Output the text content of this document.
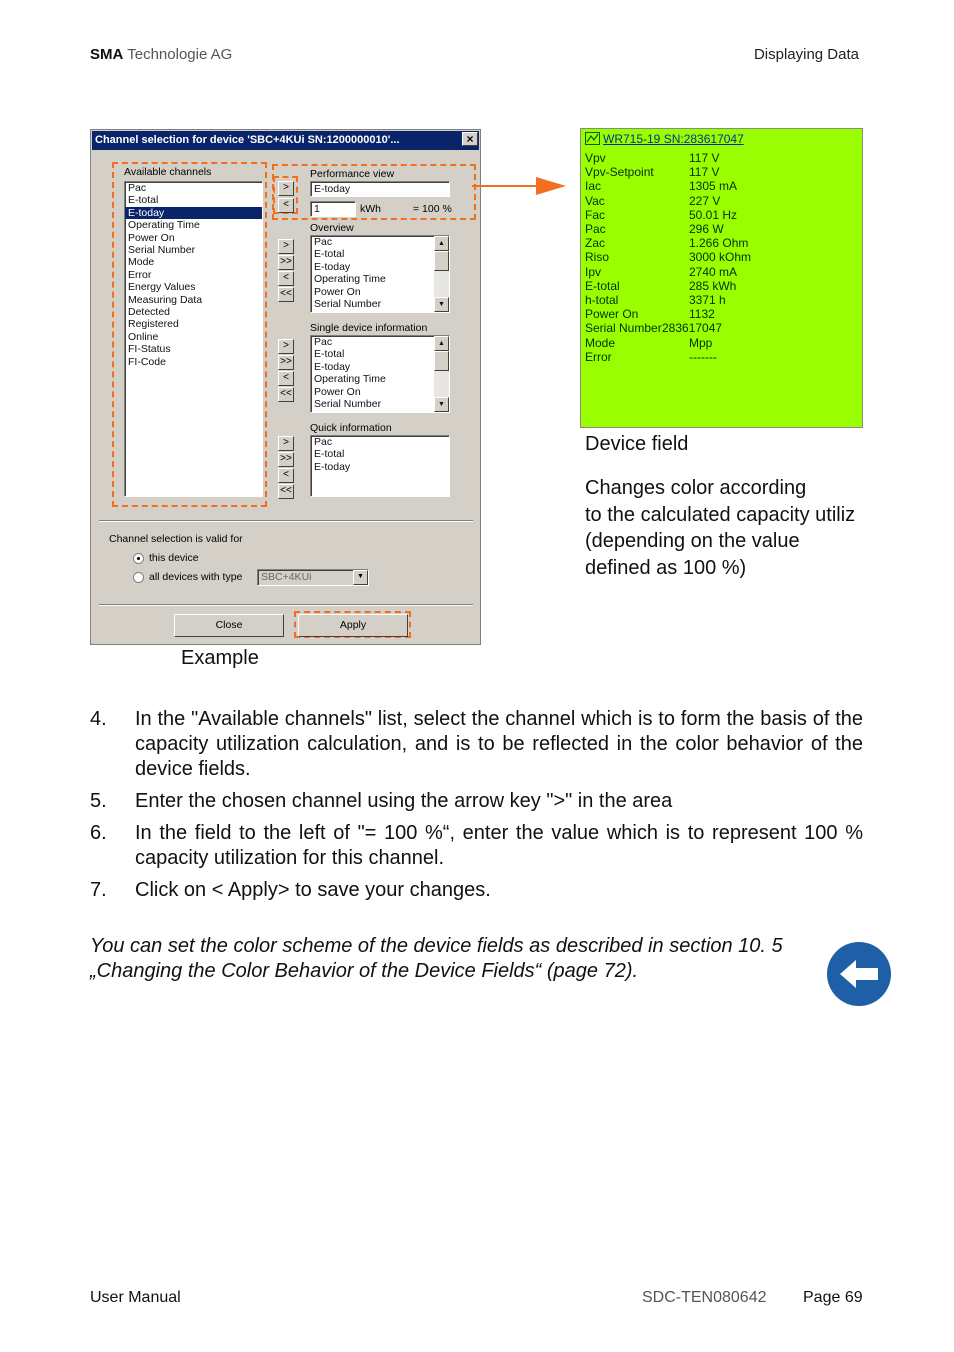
SMA Technologie AG	Displaying Data
Channel selection for device 'SBC+4KUi SN:1200000010'...	×
Available channels
Pac
E-total
E-today
Operating Time
Power On
Serial Number
Mode
Error
Energy Values
Measuring Data
Detected
Registered
Online
FI-Status
FI-Code
>
<
Performance view
E-today
1	kWh	= 100 %
>
>>
<
<<
Overview
Pac
E-total
E-today
Operating Time
Power On
Serial Number
▲
▼
>
>>
<
<<
Single device information
Pac
E-total
E-today
Operating Time
Power On
Serial Number
▲
▼
>
>>
<
<<
Quick information
Pac
E-total
E-today
Channel selection is valid for
this device
all devices with type	SBC+4KUi	▼
Close	Apply
WR715-19 SN:283617047
Vpv	117 V
Vpv-Setpoint	117 V
Iac	1305 mA
Vac	227 V
Fac	50.01 Hz
Pac	296 W
Zac	1.266 Ohm
Riso	3000 kOhm
Ipv	2740 mA
E-total	285 kWh
h-total	3371 h
Power On	1132
Serial Number 283617047
Mode	Mpp
Error	-------
Device field
Changes color according
to the calculated capacity utiliz
(depending on the value
defined as 100 %)
Example
4. In the "Available channels" list, select the channel which is to form the basis of the capacity utilization calculation, and is to be reflected in the color behavior of the device fields.
5. Enter the chosen channel using the arrow key ">" in the area
6. In the field to the left of "= 100 %“, enter the value which is to represent 100 % capacity utilization for this channel.
7. Click on < Apply> to save your changes.
You can set the color scheme of the device fields as described in section 10. 5
„Changing the Color Behavior of the Device Fields“ (page 72).
User Manual	SDC-TEN080642 Page 69
